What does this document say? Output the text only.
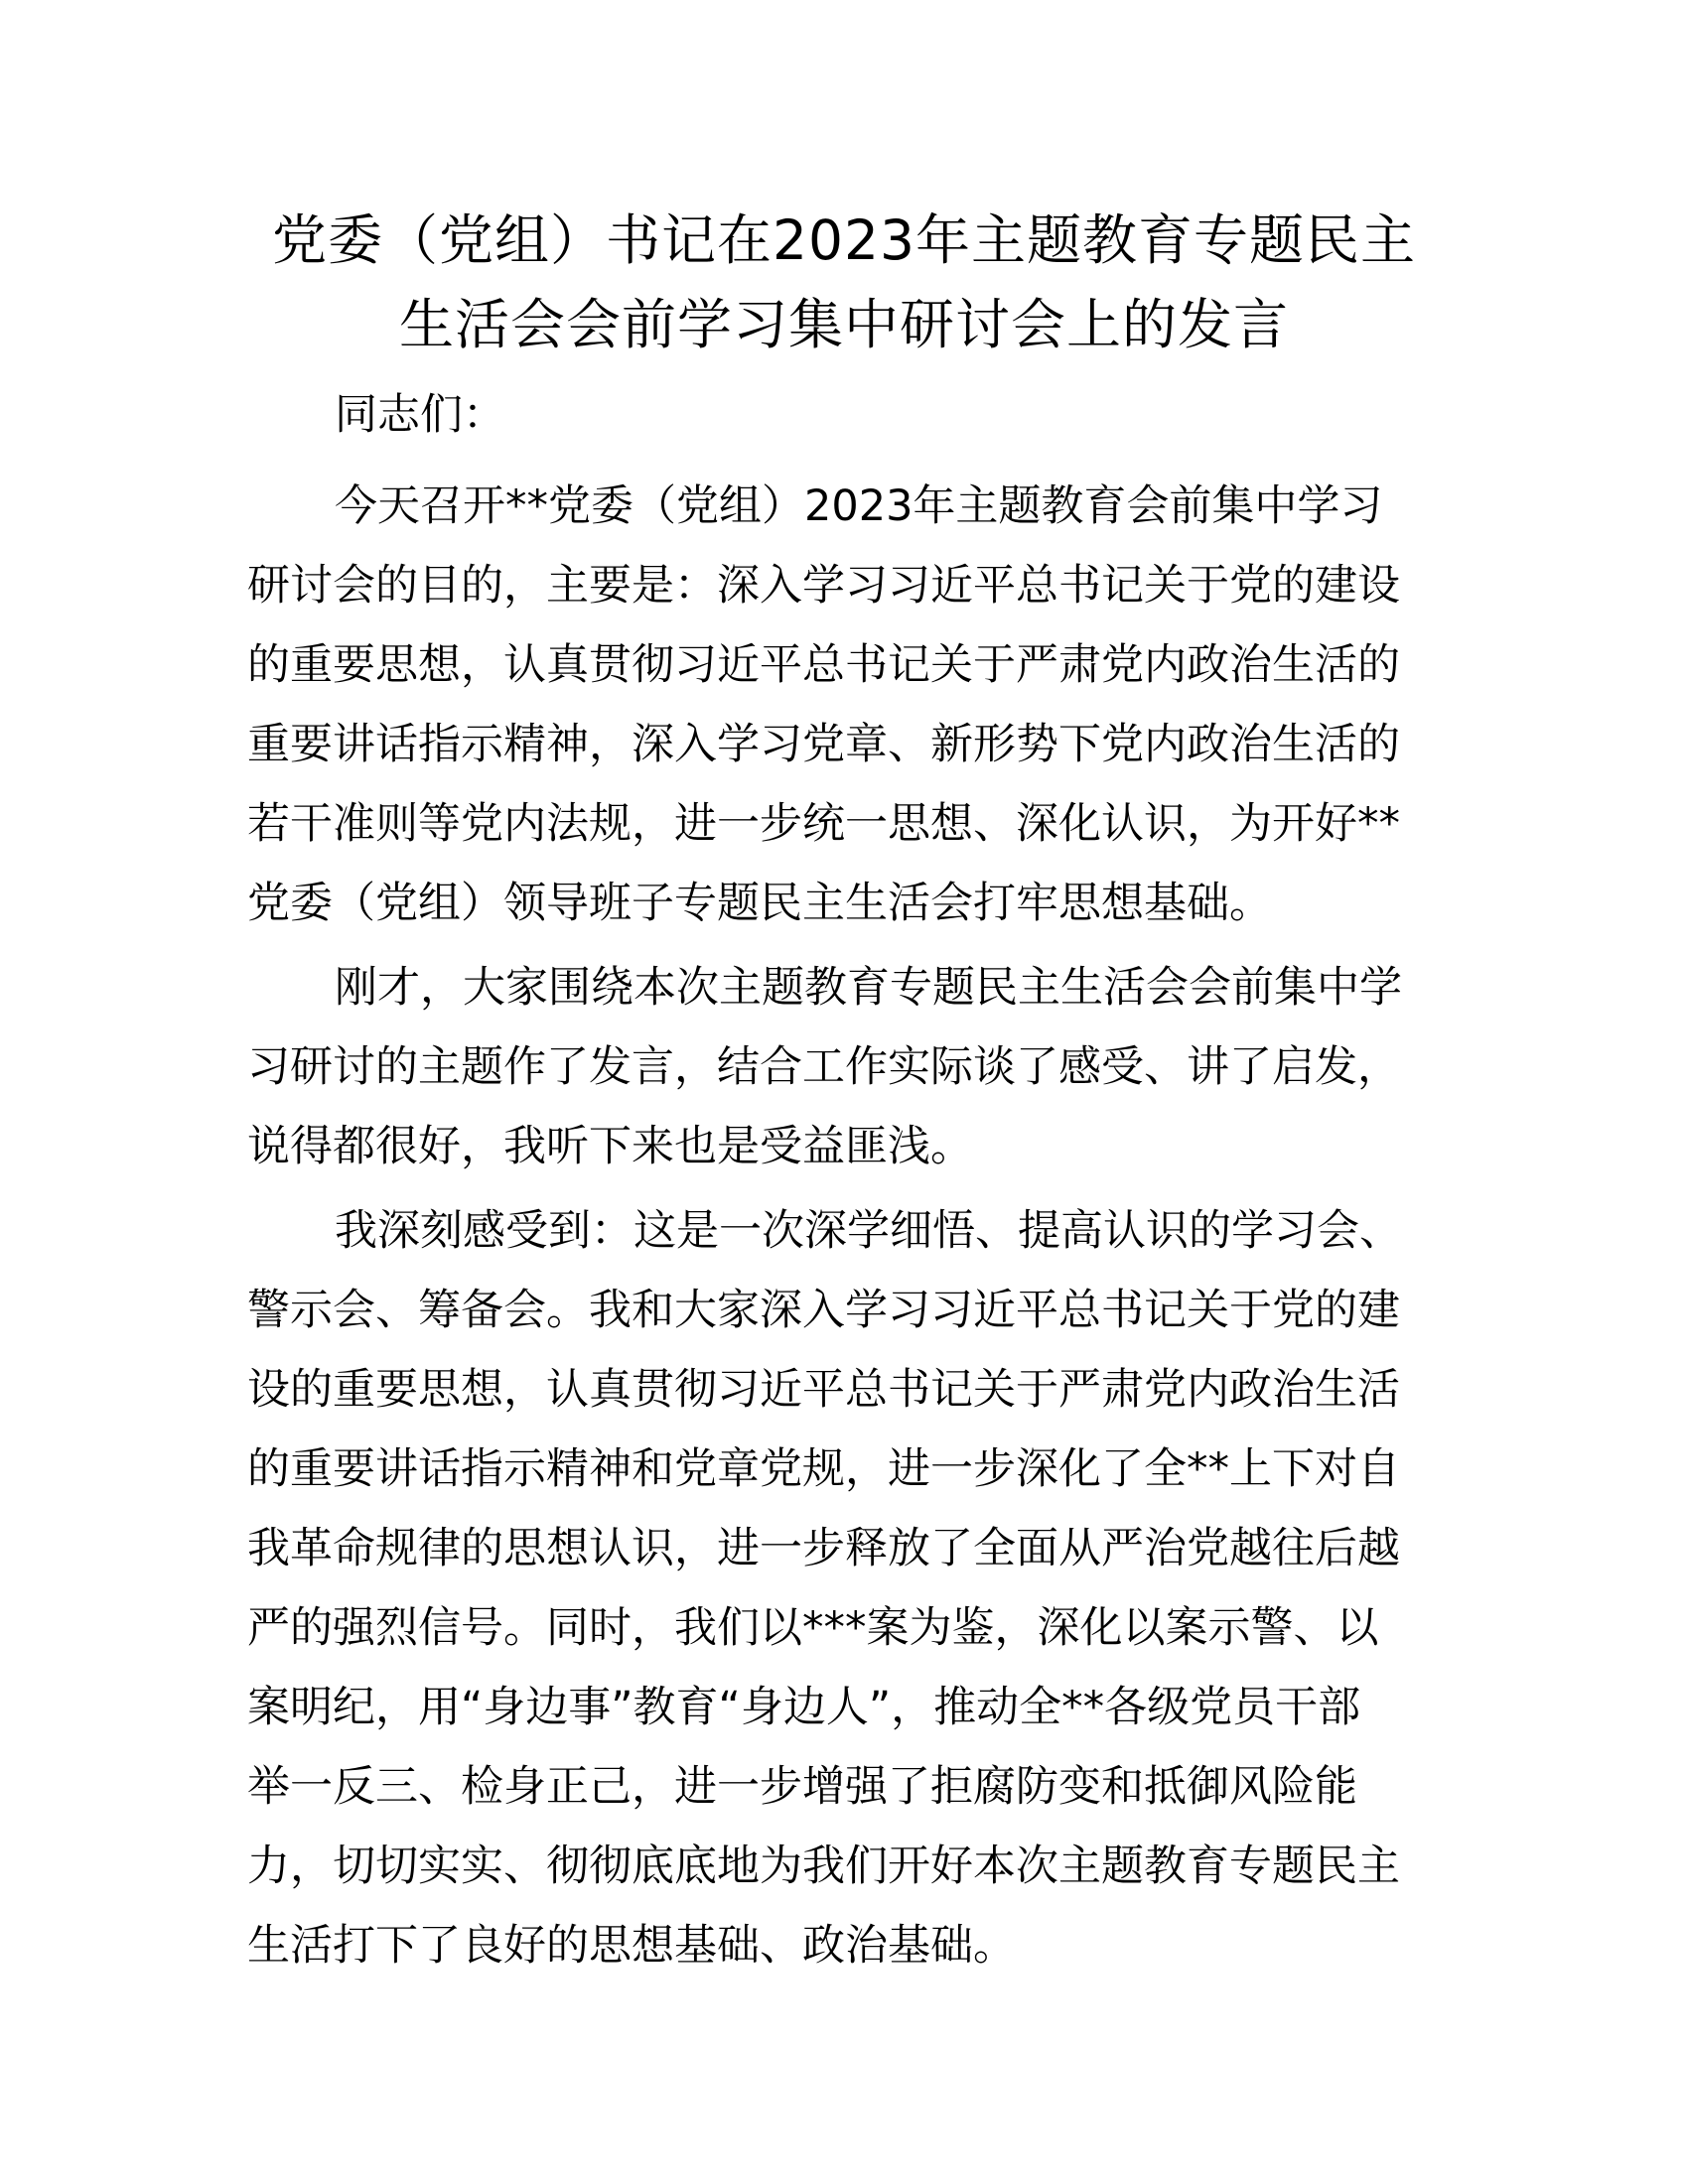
党委（党组）书记在2023年主题教育专题民主
生活会会前学习集中研讨会上的发言

同志们：

今天召开**党委（党组）2023年主题教育会前集中学习
研讨会的目的，主要是：深入学习习近平总书记关于党的建设
的重要思想，认真贯彻习近平总书记关于严肃党内政治生活的
重要讲话指示精神，深入学习党章、新形势下党内政治生活的
若干准则等党内法规，进一步统一思想、深化认识，为开好**
党委（党组）领导班子专题民主生活会打牢思想基础。

刚才，大家围绕本次主题教育专题民主生活会会前集中学
习研讨的主题作了发言，结合工作实际谈了感受、讲了启发，
说得都很好，我听下来也是受益匪浅。

我深刻感受到：这是一次深学细悟、提高认识的学习会、
警示会、筹备会。我和大家深入学习习近平总书记关于党的建
设的重要思想，认真贯彻习近平总书记关于严肃党内政治生活
的重要讲话指示精神和党章党规，进一步深化了全**上下对自
我革命规律的思想认识，进一步释放了全面从严治党越往后越
严的强烈信号。同时，我们以***案为鉴，深化以案示警、以
案明纪，用“身边事”教育“身边人”，推动全**各级党员干部
举一反三、检身正己，进一步增强了拒腐防变和抵御风险能
力，切切实实、彻彻底底地为我们开好本次主题教育专题民主
生活打下了良好的思想基础、政治基础。
